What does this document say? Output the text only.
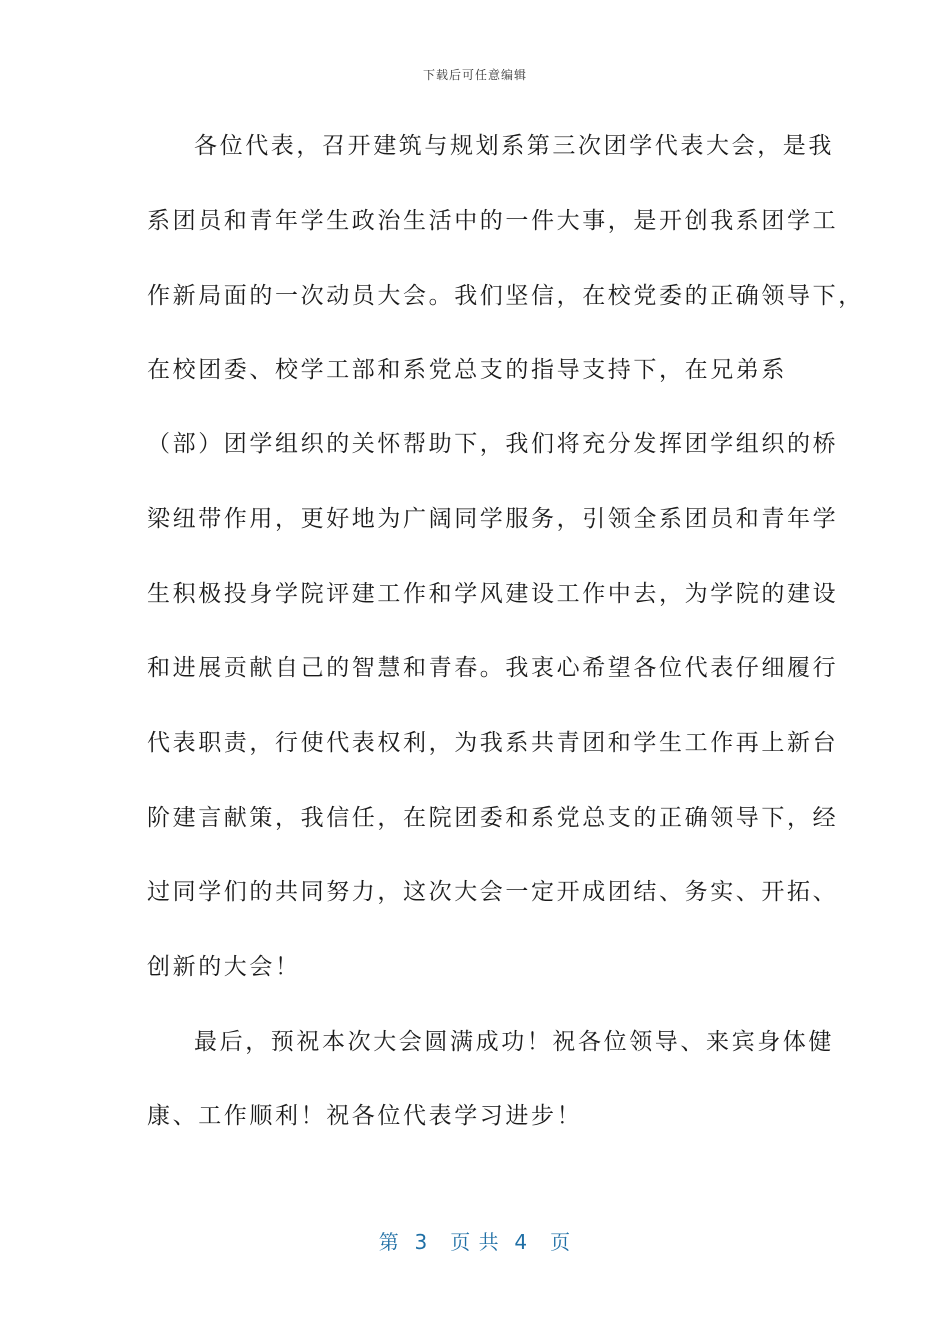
下载后可任意编辑
各位代表，召开建筑与规划系第三次团学代表大会，是我
系团员和青年学生政治生活中的一件大事，是开创我系团学工
作新局面的一次动员大会。我们坚信，在校党委的正确领导下，
在校团委、校学工部和系党总支的指导支持下，在兄弟系
（部）团学组织的关怀帮助下，我们将充分发挥团学组织的桥
梁纽带作用，更好地为广阔同学服务，引领全系团员和青年学
生积极投身学院评建工作和学风建设工作中去，为学院的建设
和进展贡献自己的智慧和青春。我衷心希望各位代表仔细履行
代表职责，行使代表权利，为我系共青团和学生工作再上新台
阶建言献策，我信任，在院团委和系党总支的正确领导下，经
过同学们的共同努力，这次大会一定开成团结、务实、开拓、
创新的大会！
最后，预祝本次大会圆满成功！祝各位领导、来宾身体健
康、工作顺利！祝各位代表学习进步！
第  3   页 共  4   页
